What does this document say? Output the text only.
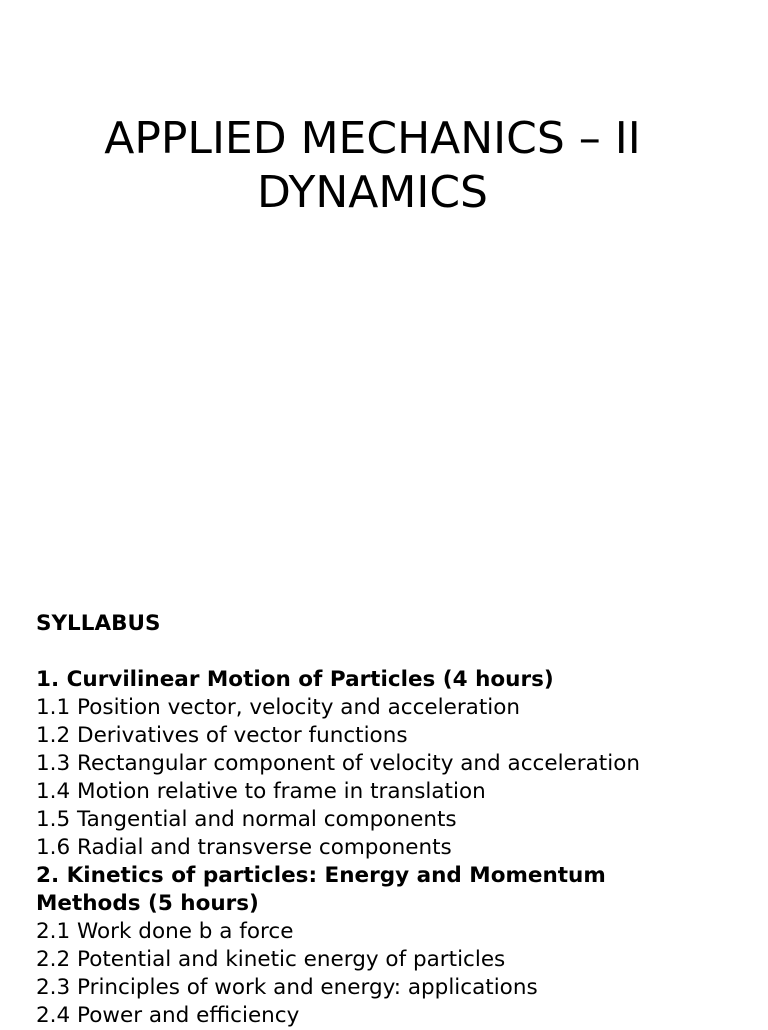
APPLIED MECHANICS – II
DYNAMICS
SYLLABUS
1. Curvilinear Motion of Particles (4 hours)
1.1 Position vector, velocity and acceleration
1.2 Derivatives of vector functions
1.3 Rectangular component of velocity and acceleration
1.4 Motion relative to frame in translation
1.5 Tangential and normal components
1.6 Radial and transverse components
2. Kinetics of particles: Energy and Momentum
Methods (5 hours)
2.1 Work done b a force
2.2 Potential and kinetic energy of particles
2.3 Principles of work and energy: applications
2.4 Power and efficiency
